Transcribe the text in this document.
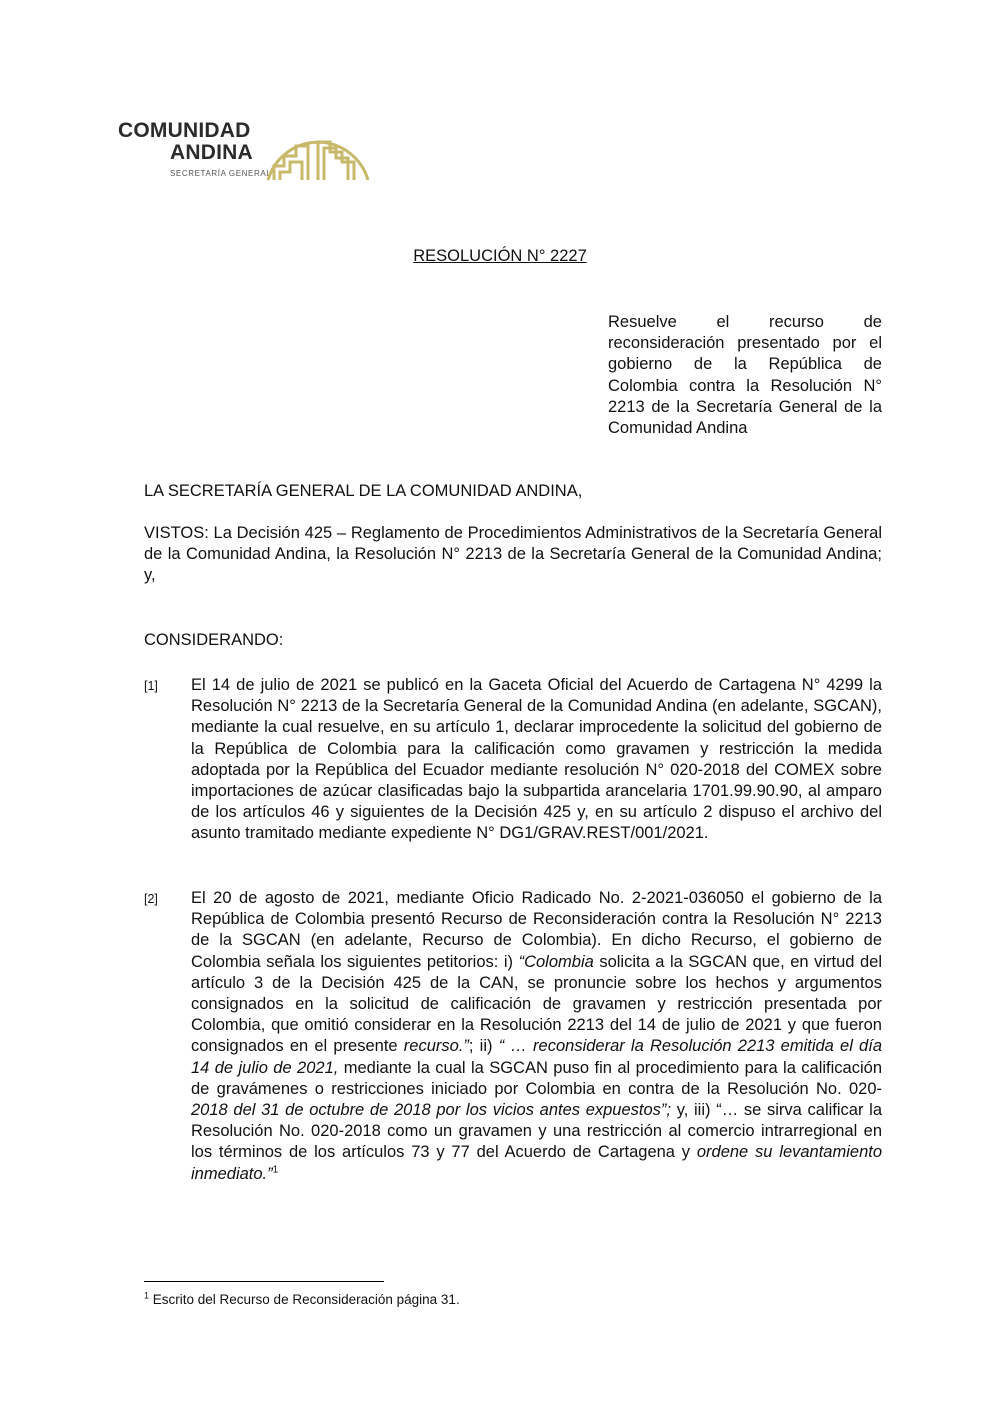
COMUNIDAD
ANDINA
SECRETARÍA GENERAL
RESOLUCIÓN N° 2227
Resuelve el recurso de reconsideración presentado por el gobierno de la República de Colombia contra la Resolución N° 2213 de la Secretaría General de la Comunidad Andina
LA SECRETARÍA GENERAL DE LA COMUNIDAD ANDINA,
VISTOS: La Decisión 425 – Reglamento de Procedimientos Administrativos de la Secretaría General de la Comunidad Andina, la Resolución N° 2213 de la Secretaría General de la Comunidad Andina; y,
CONSIDERANDO:
[1] El 14 de julio de 2021 se publicó en la Gaceta Oficial del Acuerdo de Cartagena N° 4299 la Resolución N° 2213 de la Secretaría General de la Comunidad Andina (en adelante, SGCAN), mediante la cual resuelve, en su artículo 1, declarar improcedente la solicitud del gobierno de la República de Colombia para la calificación como gravamen y restricción la medida adoptada por la República del Ecuador mediante resolución N° 020-2018 del COMEX sobre importaciones de azúcar clasificadas bajo la subpartida arancelaria 1701.99.90.90, al amparo de los artículos 46 y siguientes de la Decisión 425 y, en su artículo 2 dispuso el archivo del asunto tramitado mediante expediente N° DG1/GRAV.REST/001/2021.
[2] El 20 de agosto de 2021, mediante Oficio Radicado No. 2-2021-036050 el gobierno de la República de Colombia presentó Recurso de Reconsideración contra la Resolución N° 2213 de la SGCAN (en adelante, Recurso de Colombia). En dicho Recurso, el gobierno de Colombia señala los siguientes petitorios: i) “Colombia solicita a la SGCAN que, en virtud del artículo 3 de la Decisión 425 de la CAN, se pronuncie sobre los hechos y argumentos consignados en la solicitud de calificación de gravamen y restricción presentada por Colombia, que omitió considerar en la Resolución 2213 del 14 de julio de 2021 y que fueron consignados en el presente recurso.”; ii) “ … reconsiderar la Resolución 2213 emitida el día 14 de julio de 2021, mediante la cual la SGCAN puso fin al procedimiento para la calificación de gravámenes o restricciones iniciado por Colombia en contra de la Resolución No. 020-2018 del 31 de octubre de 2018 por los vicios antes expuestos”; y, iii) “… se sirva calificar la Resolución No. 020-2018 como un gravamen y una restricción al comercio intrarregional en los términos de los artículos 73 y 77 del Acuerdo de Cartagena y ordene su levantamiento inmediato.”$^1$
$^1$ Escrito del Recurso de Reconsideración página 31.
